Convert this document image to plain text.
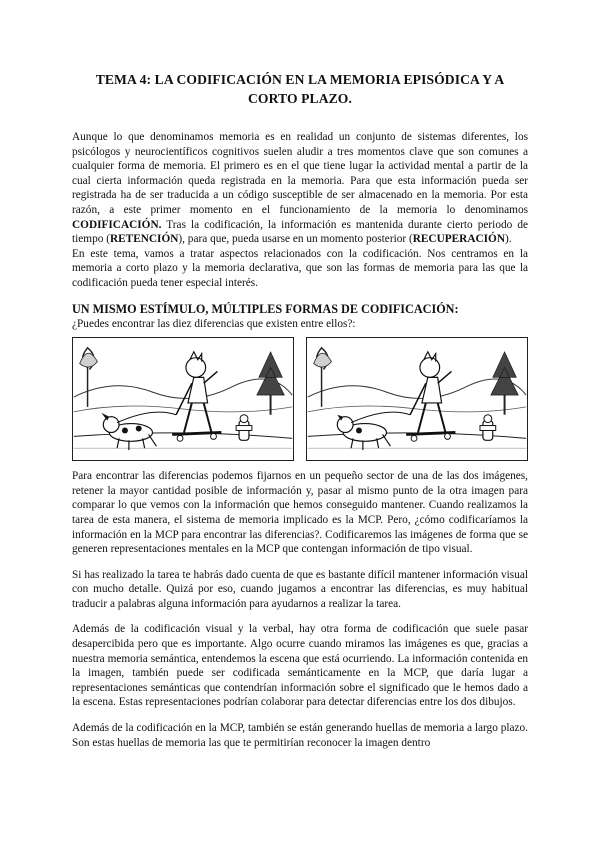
TEMA 4: LA CODIFICACIÓN EN LA MEMORIA EPISÓDICA Y A
CORTO PLAZO.

Aunque lo que denominamos memoria es en realidad un conjunto de sistemas diferentes, los psicólogos y neurocientíficos cognitivos suelen aludir a tres momentos clave que son comunes a cualquier forma de memoria. El primero es en el que tiene lugar la actividad mental a partir de la cual cierta información queda registrada en la memoria. Para que esta información pueda ser registrada ha de ser traducida a un código susceptible de ser almacenado en la memoria. Por esta razón, a este primer momento en el funcionamiento de la memoria lo denominamos CODIFICACIÓN. Tras la codificación, la información es mantenida durante cierto periodo de tiempo (RETENCIÓN), para que, pueda usarse en un momento posterior (RECUPERACIÓN).

En este tema, vamos a tratar aspectos relacionados con la codificación. Nos centramos en la memoria a corto plazo y la memoria declarativa, que son las formas de memoria para las que la codificación pueda tener especial interés.

UN MISMO ESTÍMULO, MÚLTIPLES FORMAS DE CODIFICACIÓN:

¿Puedes encontrar las diez diferencias que existen entre ellos?:

Para encontrar las diferencias podemos fijarnos en un pequeño sector de una de las dos imágenes, retener la mayor cantidad posible de información y, pasar al mismo punto de la otra imagen para comparar lo que vemos con la información que hemos conseguido mantener. Cuando realizamos la tarea de esta manera, el sistema de memoria implicado es la MCP. Pero, ¿cómo codificaríamos la información en la MCP para encontrar las diferencias?. Codificaremos las imágenes de forma que se generen representaciones mentales en la MCP que contengan información de tipo visual.

Si has realizado la tarea te habrás dado cuenta de que es bastante difícil mantener información visual con mucho detalle. Quizá por eso, cuando jugamos a encontrar las diferencias, es muy habitual traducir a palabras alguna información para ayudarnos a realizar la tarea.

Además de la codificación visual y la verbal, hay otra forma de codificación que suele pasar desapercibida pero que es importante. Algo ocurre cuando miramos las imágenes es que, gracias a nuestra memoria semántica, entendemos la escena que está ocurriendo. La información contenida en la imagen, también puede ser codificada semánticamente en la MCP, que daría lugar a representaciones semánticas que contendrían información sobre el significado que le hemos dado a la escena. Estas representaciones podrían colaborar para detectar diferencias entre los dos dibujos.

Además de la codificación en la MCP, también se están generando huellas de memoria a largo plazo. Son estas huellas de memoria las que te permitirían reconocer la imagen dentro
